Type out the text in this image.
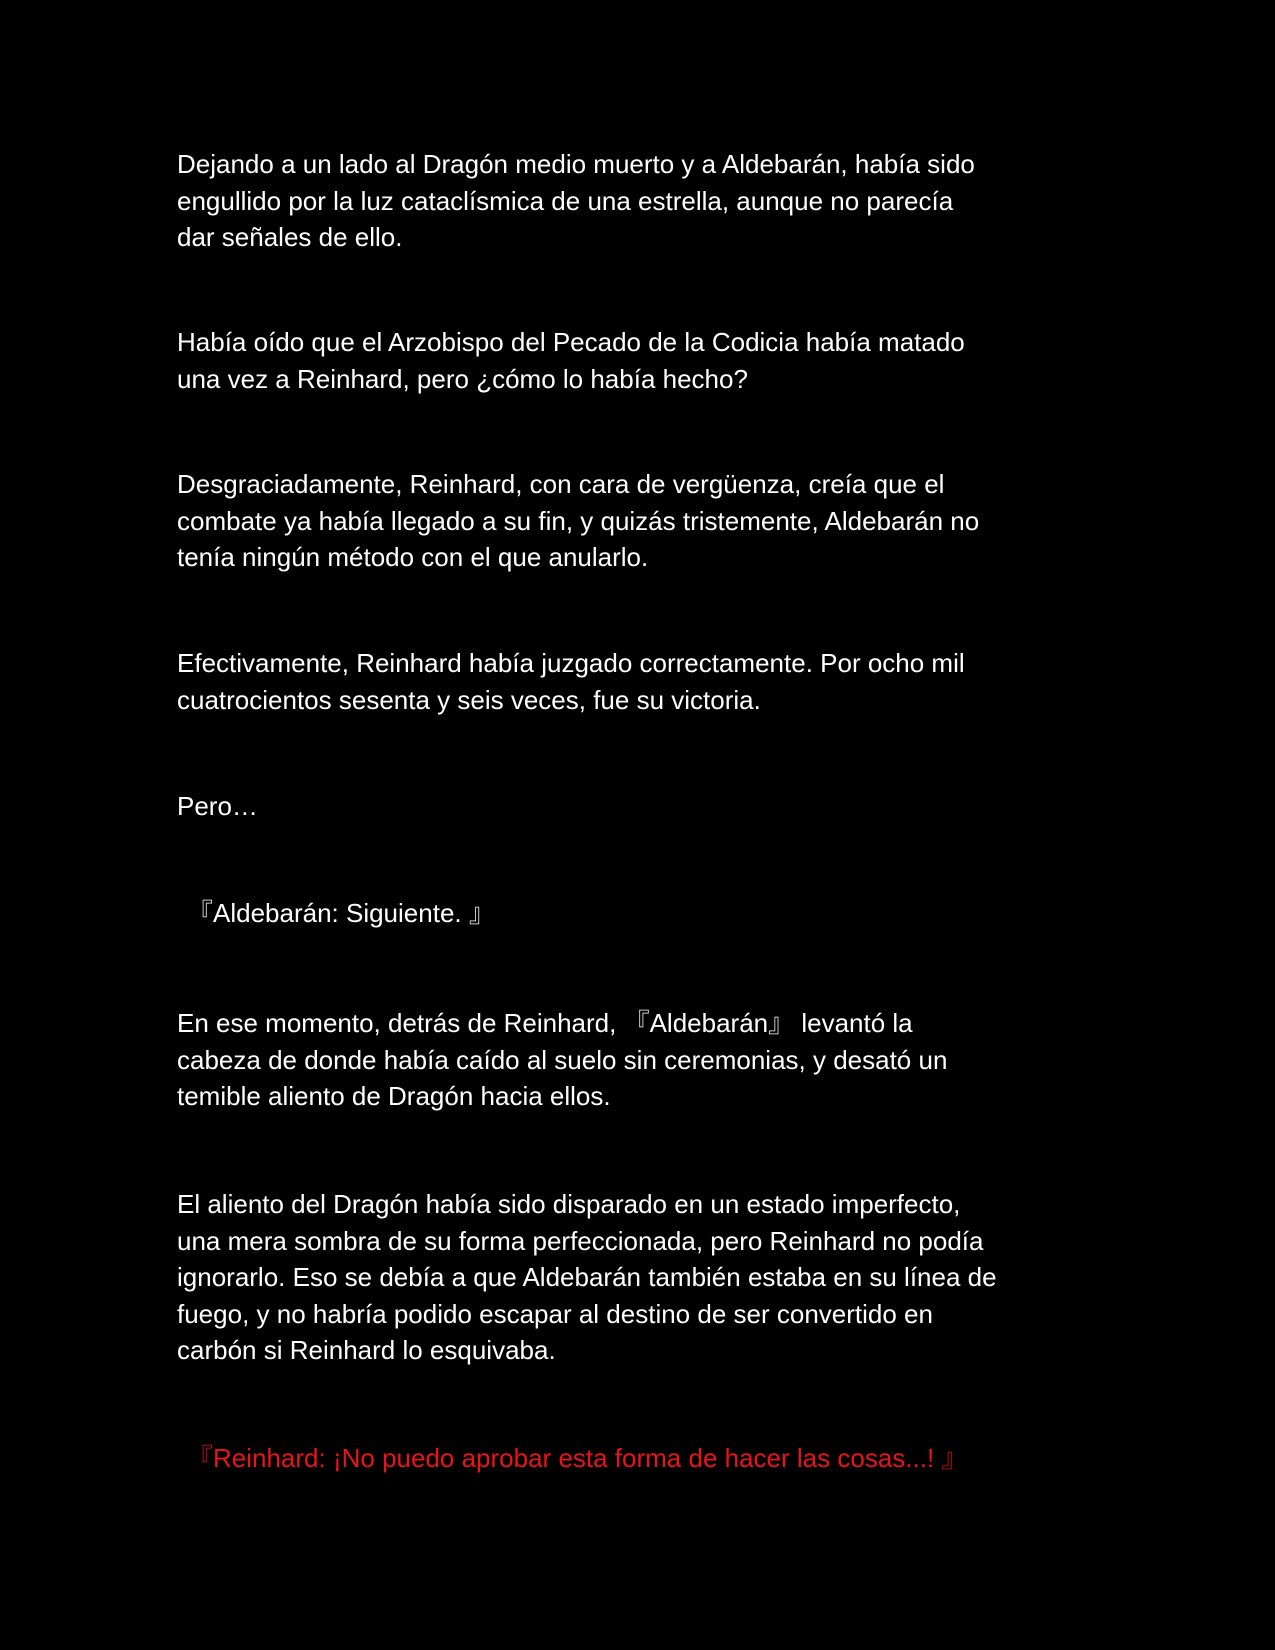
Dejando a un lado al Dragón medio muerto y a Aldebarán, había sido
engullido por la luz cataclísmica de una estrella, aunque no parecía
dar señales de ello.

Había oído que el Arzobispo del Pecado de la Codicia había matado
una vez a Reinhard, pero ¿cómo lo había hecho?

Desgraciadamente, Reinhard, con cara de vergüenza, creía que el
combate ya había llegado a su fin, y quizás tristemente, Aldebarán no
tenía ningún método con el que anularlo.

Efectivamente, Reinhard había juzgado correctamente. Por ocho mil
cuatrocientos sesenta y seis veces, fue su victoria.

Pero…

『Aldebarán: Siguiente. 』

En ese momento, detrás de Reinhard, 『Aldebarán』 levantó la
cabeza de donde había caído al suelo sin ceremonias, y desató un
temible aliento de Dragón hacia ellos.

El aliento del Dragón había sido disparado en un estado imperfecto,
una mera sombra de su forma perfeccionada, pero Reinhard no podía
ignorarlo. Eso se debía a que Aldebarán también estaba en su línea de
fuego, y no habría podido escapar al destino de ser convertido en
carbón si Reinhard lo esquivaba.

『Reinhard: ¡No puedo aprobar esta forma de hacer las cosas...! 』
